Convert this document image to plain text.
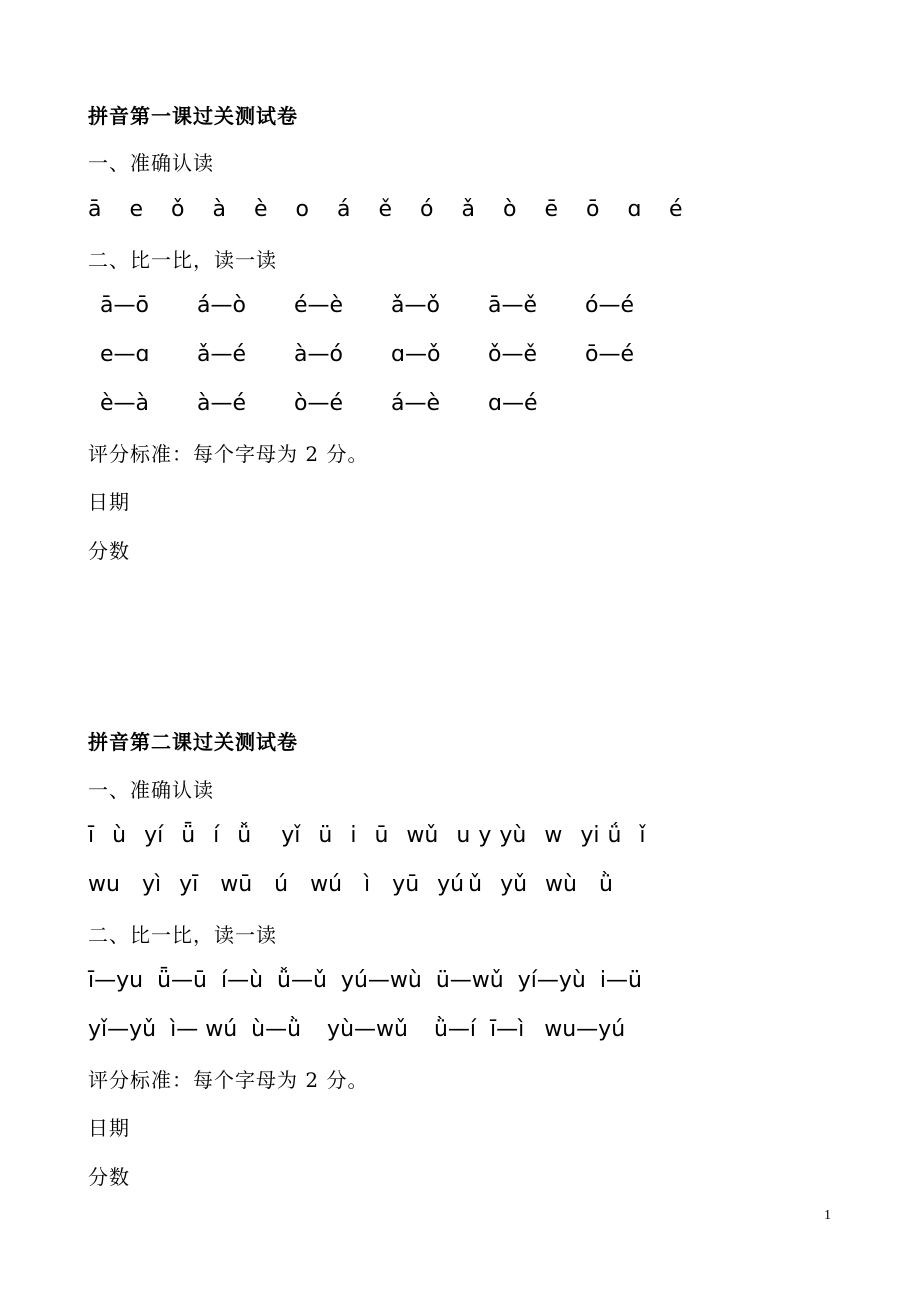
拼音第一课过关测试卷
一、准确认读
ā e ǒ à è o á ě ó ǎ ò ē ō ɑ é
二、比一比，读一读
ā—ō á—ò é—è ǎ—ǒ ā—ě ó—é
e—ɑ ǎ—é à—ó ɑ—ǒ ǒ—ě ō—é
è—à à—é ò—é á—è ɑ—é
评分标准：每个字母为 2 分。
日期
分数
拼音第二课过关测试卷
一、准确认读
ī ù yí ǖ í ǚ yǐ ü i ū wǔ u y yù w yi ǘ ǐ
wu yì yī wū ú wú ì yū yú ǔ yǔ wù ǜ
二、比一比，读一读
ī—yu ǖ—ū í—ù ǚ—ǔ yú—wù ü—wǔ yí—yù i—ü
yǐ—yǔ ì— wú ù—ǜ yù—wǔ ǜ—í ī—ì wu—yú
评分标准：每个字母为 2 分。
日期
分数
1
